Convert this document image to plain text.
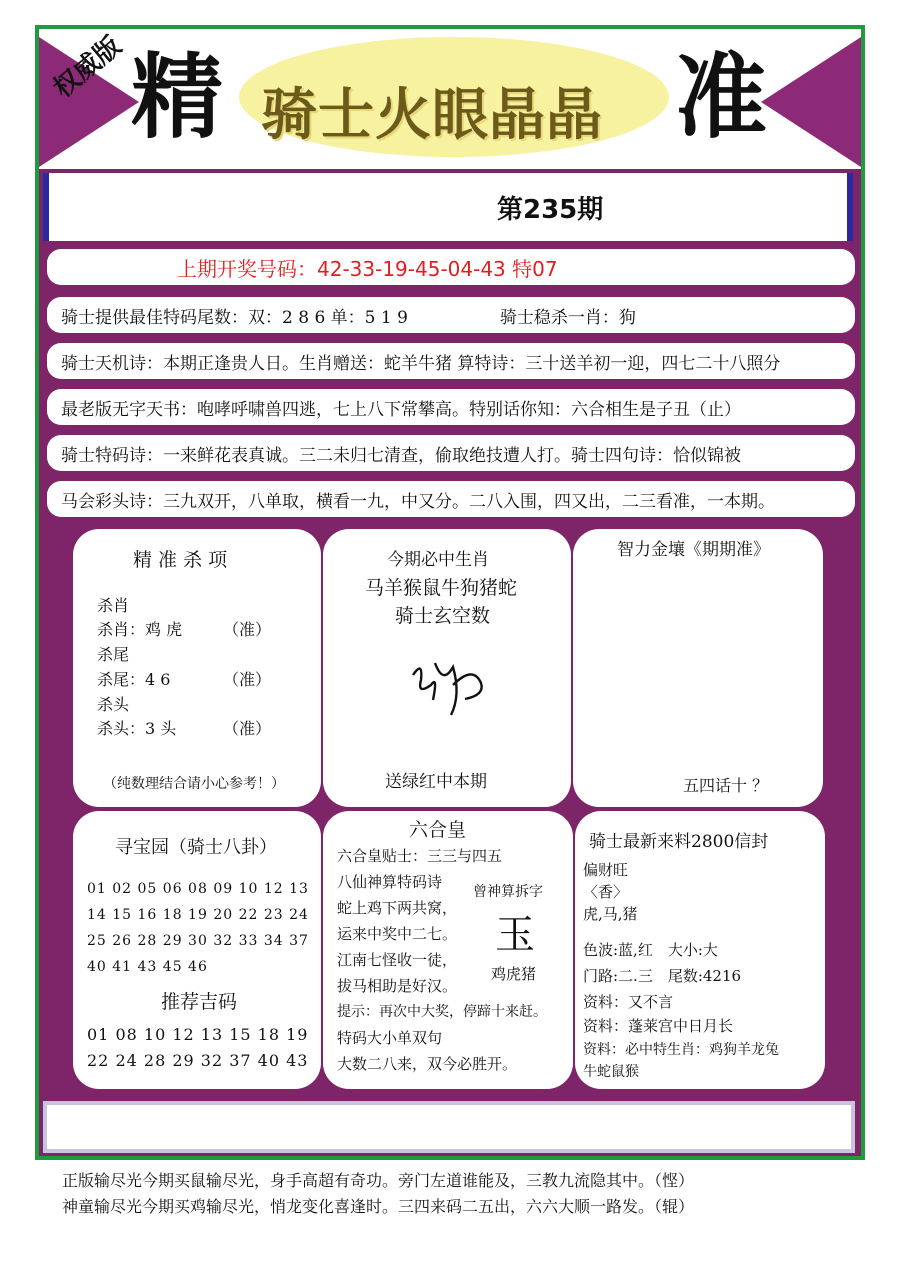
权威版 精 骑士火眼晶晶 准
第235期
上期开奖号码：42-33-19-45-04-43 特07
骑士提供最佳特码尾数：双：2 8 6 单：5 1 9	骑士稳杀一肖：狗
骑士天机诗：本期正逢贵人日。生肖赠送：蛇羊牛猪 算特诗：三十送羊初一迎，四七二十八照分
最老版无字天书：咆哮呼啸兽四逃，七上八下常攀高。特别话你知：六合相生是子丑（止）
骑士特码诗：一来鲜花表真诚。三二未归七清查，偷取绝技遭人打。骑士四句诗：恰似锦被
马会彩头诗：三九双开，八单取，横看一九，中又分。二八入围，四又出，二三看准，一本期。
精 准 杀 项
杀肖
杀肖：鸡 虎	（准）
杀尾
杀尾：4 6	（准）
杀头
杀头：3 头	（准）
（纯数理结合请小心参考！）
今期必中生肖
马羊猴鼠牛狗猪蛇
骑士玄空数
送绿红中本期
智力金壤《期期准》
五四话十 ？
寻宝园（骑士八卦）
01 02 05 06 08 09 10 12 13
14 15 16 18 19 20 22 23 24
25 26 28 29 30 32 33 34 37
40 41 43 45 46
推荐吉码
01 08 10 12 13 15 18 19
22 24 28 29 32 37 40 43
六合皇
六合皇贴士：三三与四五
八仙神算特码诗
蛇上鸡下两共窝，
运来中奖中二七。
江南七怪收一徒，
拔马相助是好汉。
提示：再次中大奖，停蹄十来赶。
特码大小单双句
大数二八来，双今必胜开。
曾神算拆字
玉
鸡虎猪
骑士最新来料2800信封
偏财旺
〈香〉
虎,马,猪
色波:蓝,红　大小:大
门路:二.三　尾数:4216
资料：又不言
资料：蓬莱宫中日月长
资料：必中特生肖：鸡狗羊龙兔
牛蛇鼠猴
正版输尽光今期买鼠输尽光，身手高超有奇功。旁门左道谁能及，三教九流隐其中。（悭）
神童输尽光今期买鸡输尽光，悄龙变化喜逢时。三四来码二五出，六六大顺一路发。（辊）
